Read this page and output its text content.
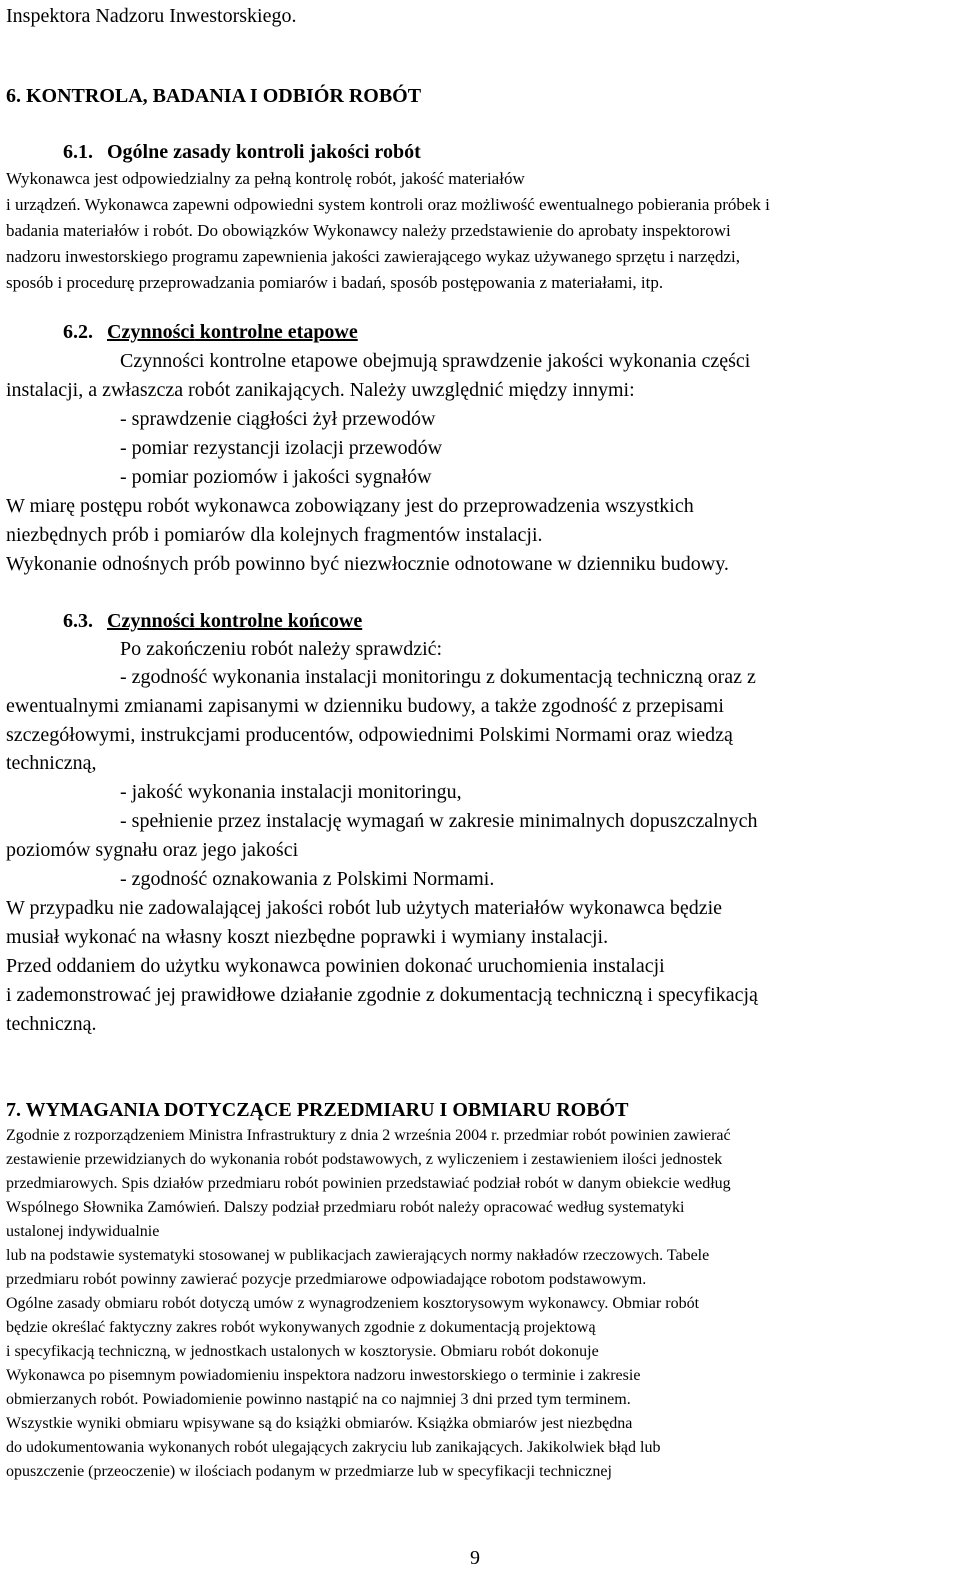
Inspektora Nadzoru Inwestorskiego.
6. KONTROLA, BADANIA I ODBIÓR ROBÓT
6.1. Ogólne zasady kontroli jakości robót
Wykonawca jest odpowiedzialny za pełną kontrolę robót, jakość materiałów
i urządzeń. Wykonawca zapewni odpowiedni system kontroli oraz możliwość ewentualnego pobierania próbek i
badania materiałów i robót. Do obowiązków Wykonawcy należy przedstawienie do aprobaty inspektorowi
nadzoru inwestorskiego programu zapewnienia jakości zawierającego wykaz używanego sprzętu i narzędzi,
sposób i procedurę przeprowadzania pomiarów i badań, sposób postępowania z materiałami, itp.
6.2. Czynności kontrolne etapowe
Czynności kontrolne etapowe obejmują sprawdzenie jakości wykonania części
instalacji, a zwłaszcza robót zanikających. Należy uwzględnić między innymi:
- sprawdzenie ciągłości żył przewodów
- pomiar rezystancji izolacji przewodów
- pomiar poziomów i jakości sygnałów
W miarę postępu robót wykonawca zobowiązany jest do przeprowadzenia wszystkich
niezbędnych prób i pomiarów dla kolejnych fragmentów instalacji.
Wykonanie odnośnych prób powinno być niezwłocznie odnotowane w dzienniku budowy.
6.3. Czynności kontrolne końcowe
Po zakończeniu robót należy sprawdzić:
- zgodność wykonania instalacji monitoringu z dokumentacją techniczną oraz z
ewentualnymi zmianami zapisanymi w dzienniku budowy, a także zgodność z przepisami
szczegółowymi, instrukcjami producentów, odpowiednimi Polskimi Normami oraz wiedzą
techniczną,
- jakość wykonania instalacji monitoringu,
- spełnienie przez instalację wymagań w zakresie minimalnych dopuszczalnych
poziomów sygnału oraz jego jakości
- zgodność oznakowania z Polskimi Normami.
W przypadku nie zadowalającej jakości robót lub użytych materiałów wykonawca będzie
musiał wykonać na własny koszt niezbędne poprawki i wymiany instalacji.
Przed oddaniem do użytku wykonawca powinien dokonać uruchomienia instalacji
i zademonstrować jej prawidłowe działanie zgodnie z dokumentacją techniczną i specyfikacją
techniczną.
7. WYMAGANIA DOTYCZĄCE PRZEDMIARU I OBMIARU ROBÓT
Zgodnie z rozporządzeniem Ministra Infrastruktury z dnia 2 września 2004 r. przedmiar robót powinien zawierać
zestawienie przewidzianych do wykonania robót podstawowych, z wyliczeniem i zestawieniem ilości jednostek
przedmiarowych. Spis działów przedmiaru robót powinien przedstawiać podział robót w danym obiekcie według
Wspólnego Słownika Zamówień. Dalszy podział przedmiaru robót należy opracować według systematyki
ustalonej indywidualnie
lub na podstawie systematyki stosowanej w publikacjach zawierających normy nakładów rzeczowych. Tabele
przedmiaru robót powinny zawierać pozycje przedmiarowe odpowiadające robotom podstawowym.
Ogólne zasady obmiaru robót dotyczą umów z wynagrodzeniem kosztorysowym wykonawcy. Obmiar robót
będzie określać faktyczny zakres robót wykonywanych zgodnie z dokumentacją projektową
i specyfikacją techniczną, w jednostkach ustalonych w kosztorysie. Obmiaru robót dokonuje
Wykonawca po pisemnym powiadomieniu inspektora nadzoru inwestorskiego o terminie i zakresie
obmierzanych robót. Powiadomienie powinno nastąpić na co najmniej 3 dni przed tym terminem.
Wszystkie wyniki obmiaru wpisywane są do książki obmiarów. Książka obmiarów jest niezbędna
do udokumentowania wykonanych robót ulegających zakryciu lub zanikających. Jakikolwiek błąd lub
opuszczenie (przeoczenie) w ilościach podanym w przedmiarze lub w specyfikacji technicznej
9
